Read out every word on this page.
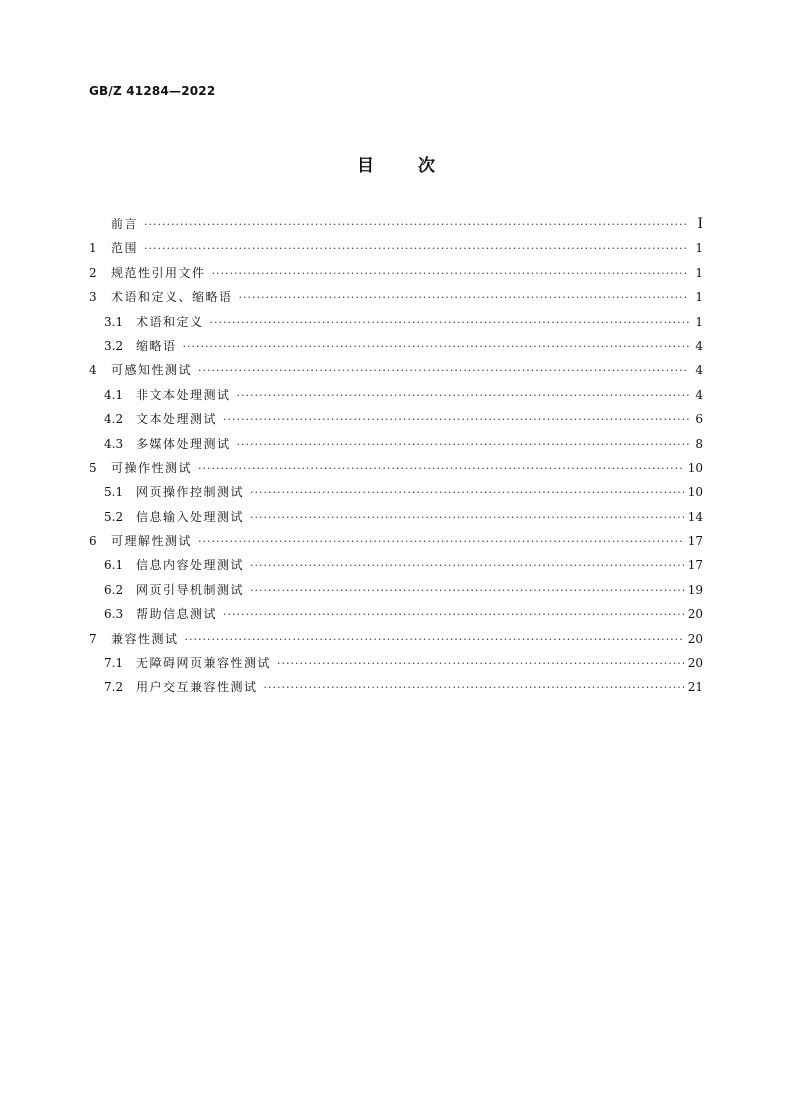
GB/Z 41284—2022
目次
前言 ·····	I
1	范围 ·····	1
2	规范性引用文件 ·····	1
3	术语和定义、缩略语 ·····	1
3.1	术语和定义 ·····	1
3.2	缩略语 ·····	4
4	可感知性测试 ·····	4
4.1	非文本处理测试 ·····	4
4.2	文本处理测试 ·····	6
4.3	多媒体处理测试 ·····	8
5	可操作性测试 ·····	10
5.1	网页操作控制测试 ·····	10
5.2	信息输入处理测试 ·····	14
6	可理解性测试 ·····	17
6.1	信息内容处理测试 ·····	17
6.2	网页引导机制测试 ·····	19
6.3	帮助信息测试 ·····	20
7	兼容性测试 ·····	20
7.1	无障碍网页兼容性测试 ·····	20
7.2	用户交互兼容性测试 ·····	21
